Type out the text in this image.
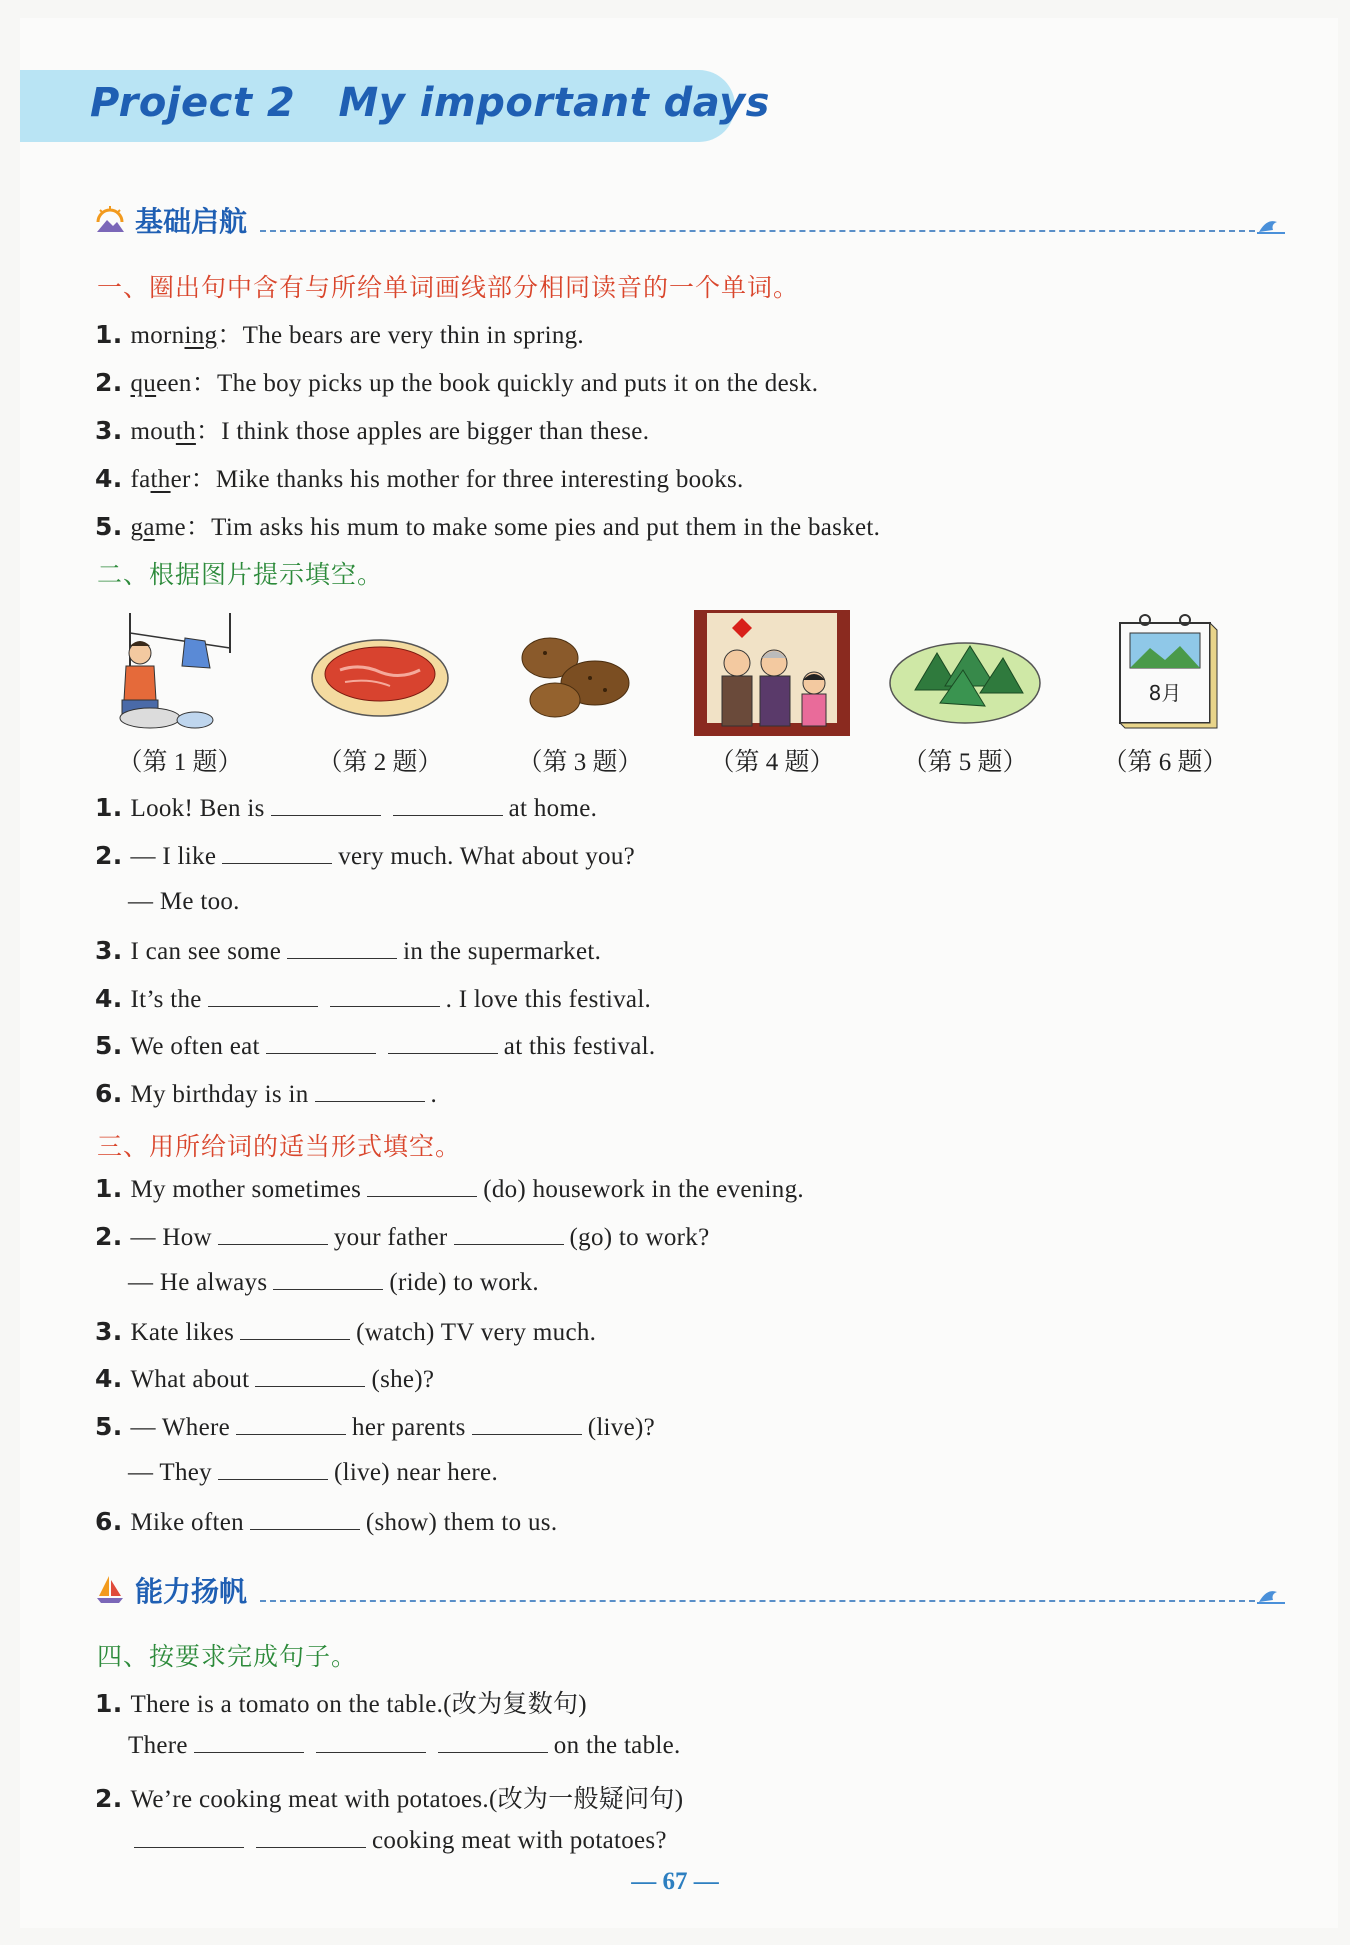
Project 2   My important days
基础启航
一、圈出句中含有与所给单词画线部分相同读音的一个单词。
1. morning：The bears are very thin in spring.
2. queen：The boy picks up the book quickly and puts it on the desk.
3. mouth：I think those apples are bigger than these.
4. father：Mike thanks his mother for three interesting books.
5. game：Tim asks his mum to make some pies and put them in the basket.
二、根据图片提示填空。
8月
（第 1 题）	（第 2 题）	（第 3 题）	（第 4 题）	（第 5 题）	（第 6 题）
1. Look! Ben is	at home.
2. — I like	very much. What about you?
— Me too.
3. I can see some	in the supermarket.
4. It’s the	. I love this festival.
5. We often eat	at this festival.
6. My birthday is in	.
三、用所给词的适当形式填空。
1. My mother sometimes	(do) housework in the evening.
2. — How	your father	(go) to work?
— He always	(ride) to work.
3. Kate likes	(watch) TV very much.
4. What about	(she)?
5. — Where	her parents	(live)?
— They	(live) near here.
6. Mike often	(show) them to us.
能力扬帆
四、按要求完成句子。
1. There is a tomato on the table.(改为复数句)
There	on the table.
2. We’re cooking meat with potatoes.(改为一般疑问句)
cooking meat with potatoes?
— 67 —
